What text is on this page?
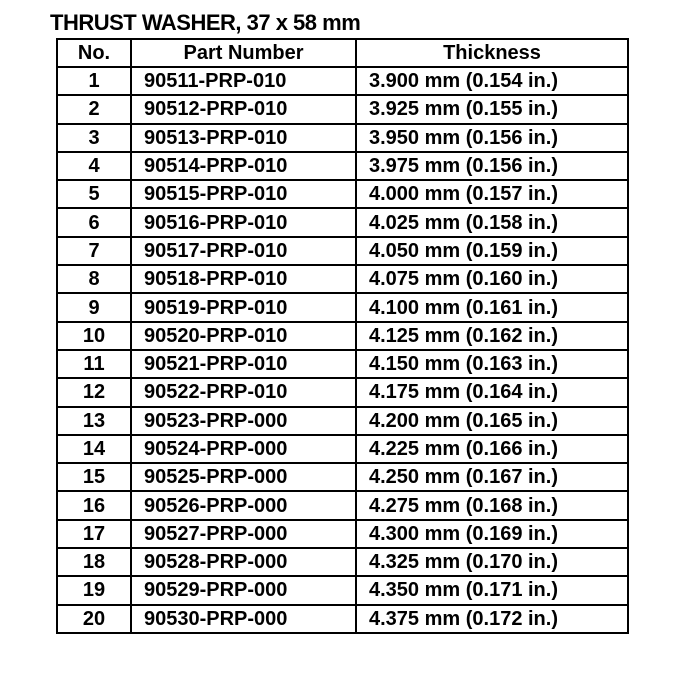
THRUST WASHER, 37 x 58 mm
No.	Part Number	Thickness
1	90511-PRP-010	3.900 mm (0.154 in.)
2	90512-PRP-010	3.925 mm (0.155 in.)
3	90513-PRP-010	3.950 mm (0.156 in.)
4	90514-PRP-010	3.975 mm (0.156 in.)
5	90515-PRP-010	4.000 mm (0.157 in.)
6	90516-PRP-010	4.025 mm (0.158 in.)
7	90517-PRP-010	4.050 mm (0.159 in.)
8	90518-PRP-010	4.075 mm (0.160 in.)
9	90519-PRP-010	4.100 mm (0.161 in.)
10	90520-PRP-010	4.125 mm (0.162 in.)
11	90521-PRP-010	4.150 mm (0.163 in.)
12	90522-PRP-010	4.175 mm (0.164 in.)
13	90523-PRP-000	4.200 mm (0.165 in.)
14	90524-PRP-000	4.225 mm (0.166 in.)
15	90525-PRP-000	4.250 mm (0.167 in.)
16	90526-PRP-000	4.275 mm (0.168 in.)
17	90527-PRP-000	4.300 mm (0.169 in.)
18	90528-PRP-000	4.325 mm (0.170 in.)
19	90529-PRP-000	4.350 mm (0.171 in.)
20	90530-PRP-000	4.375 mm (0.172 in.)
